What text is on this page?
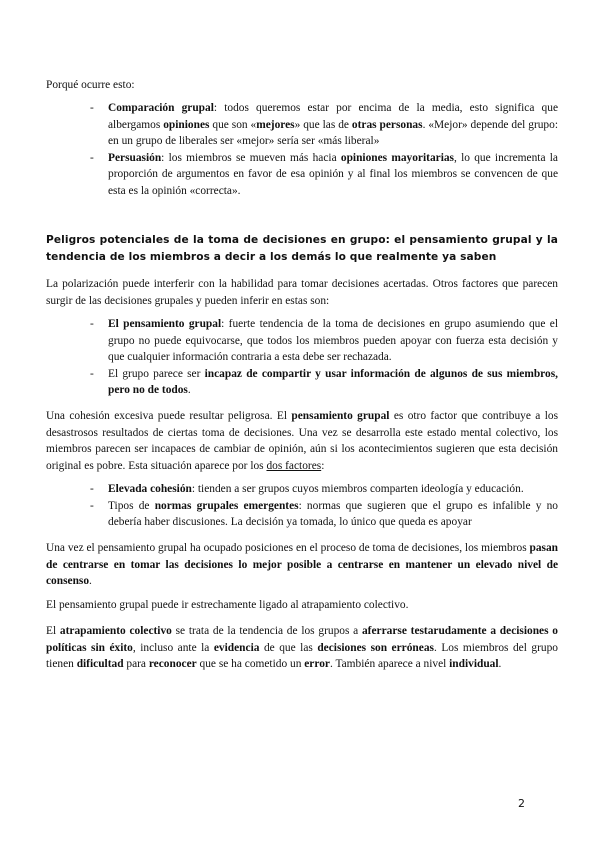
Porqué ocurre esto:

- Comparación grupal: todos queremos estar por encima de la media, esto significa que albergamos opiniones que son «mejores» que las de otras personas. «Mejor» depende del grupo: en un grupo de liberales ser «mejor» sería ser «más liberal»
- Persuasión: los miembros se mueven más hacia opiniones mayoritarias, lo que incrementa la proporción de argumentos en favor de esa opinión y al final los miembros se convencen de que esta es la opinión «correcta».
Peligros potenciales de la toma de decisiones en grupo: el pensamiento grupal y la tendencia de los miembros a decir a los demás lo que realmente ya saben

La polarización puede interferir con la habilidad para tomar decisiones acertadas. Otros factores que parecen surgir de las decisiones grupales y pueden inferir en estas son:

- El pensamiento grupal: fuerte tendencia de la toma de decisiones en grupo asumiendo que el grupo no puede equivocarse, que todos los miembros pueden apoyar con fuerza esta decisión y que cualquier información contraria a esta debe ser rechazada.
- El grupo parece ser incapaz de compartir y usar información de algunos de sus miembros, pero no de todos.

Una cohesión excesiva puede resultar peligrosa. El pensamiento grupal es otro factor que contribuye a los desastrosos resultados de ciertas toma de decisiones. Una vez se desarrolla este estado mental colectivo, los miembros parecen ser incapaces de cambiar de opinión, aún si los acontecimientos sugieren que esta decisión original es pobre. Esta situación aparece por los dos factores:

- Elevada cohesión: tienden a ser grupos cuyos miembros comparten ideología y educación.
- Tipos de normas grupales emergentes: normas que sugieren que el grupo es infalible y no debería haber discusiones. La decisión ya tomada, lo único que queda es apoyar

Una vez el pensamiento grupal ha ocupado posiciones en el proceso de toma de decisiones, los miembros pasan de centrarse en tomar las decisiones lo mejor posible a centrarse en mantener un elevado nivel de consenso.

El pensamiento grupal puede ir estrechamente ligado al atrapamiento colectivo.

El atrapamiento colectivo se trata de la tendencia de los grupos a aferrarse testarudamente a decisiones o políticas sin éxito, incluso ante la evidencia de que las decisiones son erróneas. Los miembros del grupo tienen dificultad para reconocer que se ha cometido un error. También aparece a nivel individual.

2
